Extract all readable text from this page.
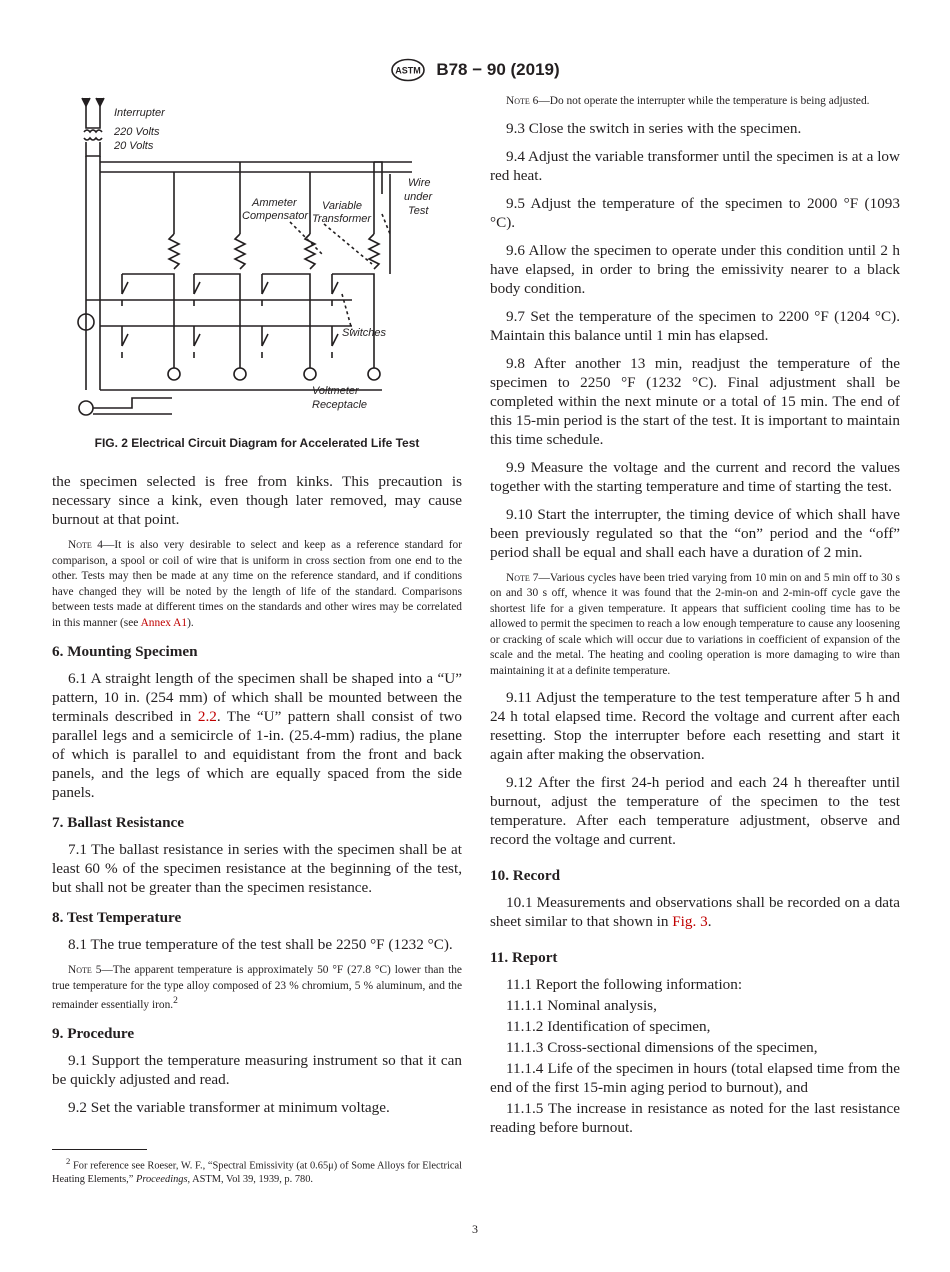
ASTM B78 − 90 (2019)
Interrupter
220 Volts
20 Volts
Ammeter
Compensator
Variable
Transformer
Wire
under
Test
Switches
Voltmeter
Receptacle
FIG. 2 Electrical Circuit Diagram for Accelerated Life Test

the specimen selected is free from kinks. This precaution is necessary since a kink, even though later removed, may cause burnout at that point.

Note 4—It is also very desirable to select and keep as a reference standard for comparison, a spool or coil of wire that is uniform in cross section from one end to the other. Tests may then be made at any time on the reference standard, and if conditions have changed they will be noted by the length of life of the standard. Comparisons between tests made at different times on the standards and other wires may be correlated in this manner (see Annex A1).

6. Mounting Specimen

6.1 A straight length of the specimen shall be shaped into a “U” pattern, 10 in. (254 mm) of which shall be mounted between the terminals described in 2.2. The “U” pattern shall consist of two parallel legs and a semicircle of 1-in. (25.4-mm) radius, the plane of which is parallel to and equidistant from the front and back panels, and the legs of which are equally spaced from the side panels.

7. Ballast Resistance

7.1 The ballast resistance in series with the specimen shall be at least 60 % of the specimen resistance at the beginning of the test, but shall not be greater than the specimen resistance.

8. Test Temperature

8.1 The true temperature of the test shall be 2250 °F (1232 °C).

Note 5—The apparent temperature is approximately 50 °F (27.8 °C) lower than the true temperature for the type alloy composed of 23 % chromium, 5 % aluminum, and the remainder essentially iron.$^2$

9. Procedure

9.1 Support the temperature measuring instrument so that it can be quickly adjusted and read.

9.2 Set the variable transformer at minimum voltage.

$^2$ For reference see Roeser, W. F., “Spectral Emissivity (at 0.65μ) of Some Alloys for Electrical Heating Elements,” Proceedings, ASTM, Vol 39, 1939, p. 780.

Note 6—Do not operate the interrupter while the temperature is being adjusted.

9.3 Close the switch in series with the specimen.

9.4 Adjust the variable transformer until the specimen is at a low red heat.

9.5 Adjust the temperature of the specimen to 2000 °F (1093 °C).

9.6 Allow the specimen to operate under this condition until 2 h have elapsed, in order to bring the emissivity nearer to a black body condition.

9.7 Set the temperature of the specimen to 2200 °F (1204 °C). Maintain this balance until 1 min has elapsed.

9.8 After another 13 min, readjust the temperature of the specimen to 2250 °F (1232 °C). Final adjustment shall be completed within the next minute or a total of 15 min. The end of this 15-min period is the start of the test. It is important to maintain this time schedule.

9.9 Measure the voltage and the current and record the values together with the starting temperature and time of starting the test.

9.10 Start the interrupter, the timing device of which shall have been previously regulated so that the “on” period and the “off” period shall be equal and shall each have a duration of 2 min.

Note 7—Various cycles have been tried varying from 10 min on and 5 min off to 30 s on and 30 s off, whence it was found that the 2-min-on and 2-min-off cycle gave the shortest life for a given temperature. It appears that sufficient cooling time has to be allowed to permit the specimen to reach a low enough temperature to cause any loosening or cracking of scale which will occur due to variations in coefficient of expansion of the scale and the metal. The heating and cooling operation is more damaging to wire than maintaining it at a definite temperature.

9.11 Adjust the temperature to the test temperature after 5 h and 24 h total elapsed time. Record the voltage and current after each resetting. Stop the interrupter before each resetting and start it again after making the observation.

9.12 After the first 24-h period and each 24 h thereafter until burnout, adjust the temperature of the specimen to the test temperature. After each temperature adjustment, observe and record the voltage and current.

10. Record

10.1 Measurements and observations shall be recorded on a data sheet similar to that shown in Fig. 3.

11. Report

11.1 Report the following information:

11.1.1 Nominal analysis,

11.1.2 Identification of specimen,

11.1.3 Cross-sectional dimensions of the specimen,

11.1.4 Life of the specimen in hours (total elapsed time from the end of the first 15-min aging period to burnout), and

11.1.5 The increase in resistance as noted for the last resistance reading before burnout.

3
